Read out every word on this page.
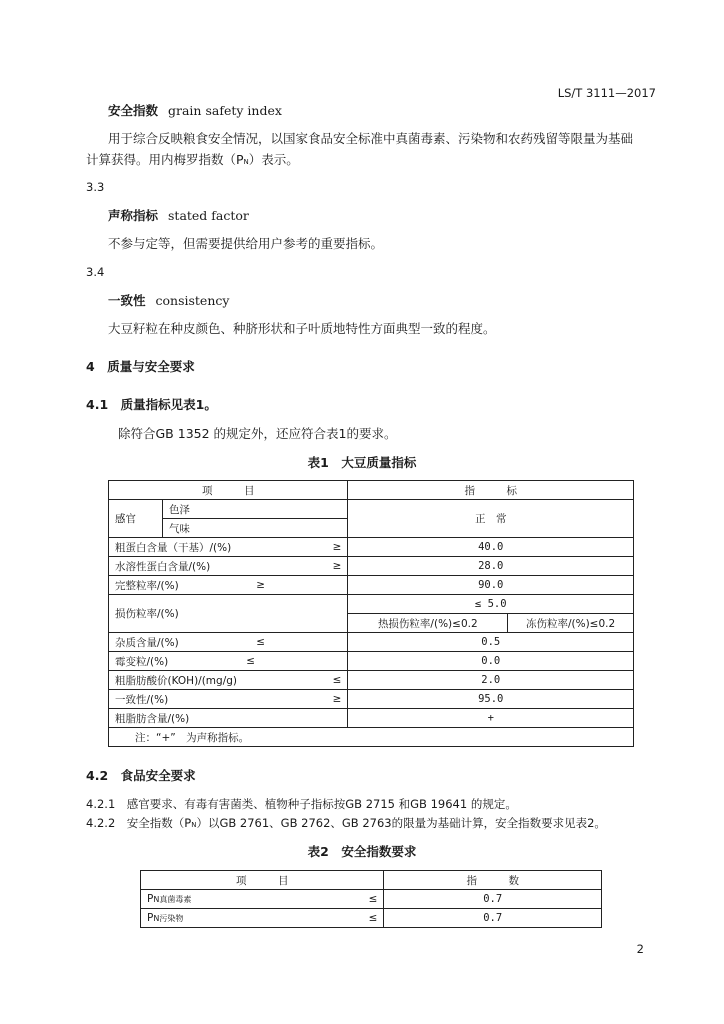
LS/T 3111—2017
安全指数 grain safety index
用于综合反映粮食安全情况，以国家食品安全标准中真菌毒素、污染物和农药残留等限量为基础
计算获得。用内梅罗指数（PN）表示。
3.3
声称指标 stated factor
不参与定等，但需要提供给用户参考的重要指标。
3.4
一致性 consistency
大豆籽粒在种皮颜色、种脐形状和子叶质地特性方面典型一致的程度。
4　质量与安全要求
4.1　质量指标见表1。
除符合GB 1352 的规定外，还应符合表1的要求。
表1　大豆质量指标
项　　　目		指　　　标	
感官	色泽	正　常	
	气味		

粗蛋白含量（干基）/(%) ≥		40.0	

水溶性蛋白含量/(%) ≥		28.0	

完整粒率/(%) ≥		90.0	
损伤粒率/(%)		≤ 5.0	
		热损伤粒率/(%)≤0.2	冻伤粒率/(%)≤0.2

杂质含量/(%) ≤		0.5	

霉变粒/(%) ≤		0.0	

粗脂肪酸价(KOH)/(mg/g) ≤		2.0	

一致性/(%) ≥		95.0	

粗脂肪含量/(%)		+	
注：“+”　为声称指标。			
4.2　食品安全要求
4.2.1　感官要求、有毒有害菌类、植物种子指标按GB 2715 和GB 19641 的规定。
4.2.2　安全指数（PN）以GB 2761、GB 2762、GB 2763的限量为基础计算，安全指数要求见表2。
表2　安全指数要求
项　　　目	指　　　数

PN真菌毒素 ≤	0.7

PN污染物 ≤	0.7
2
